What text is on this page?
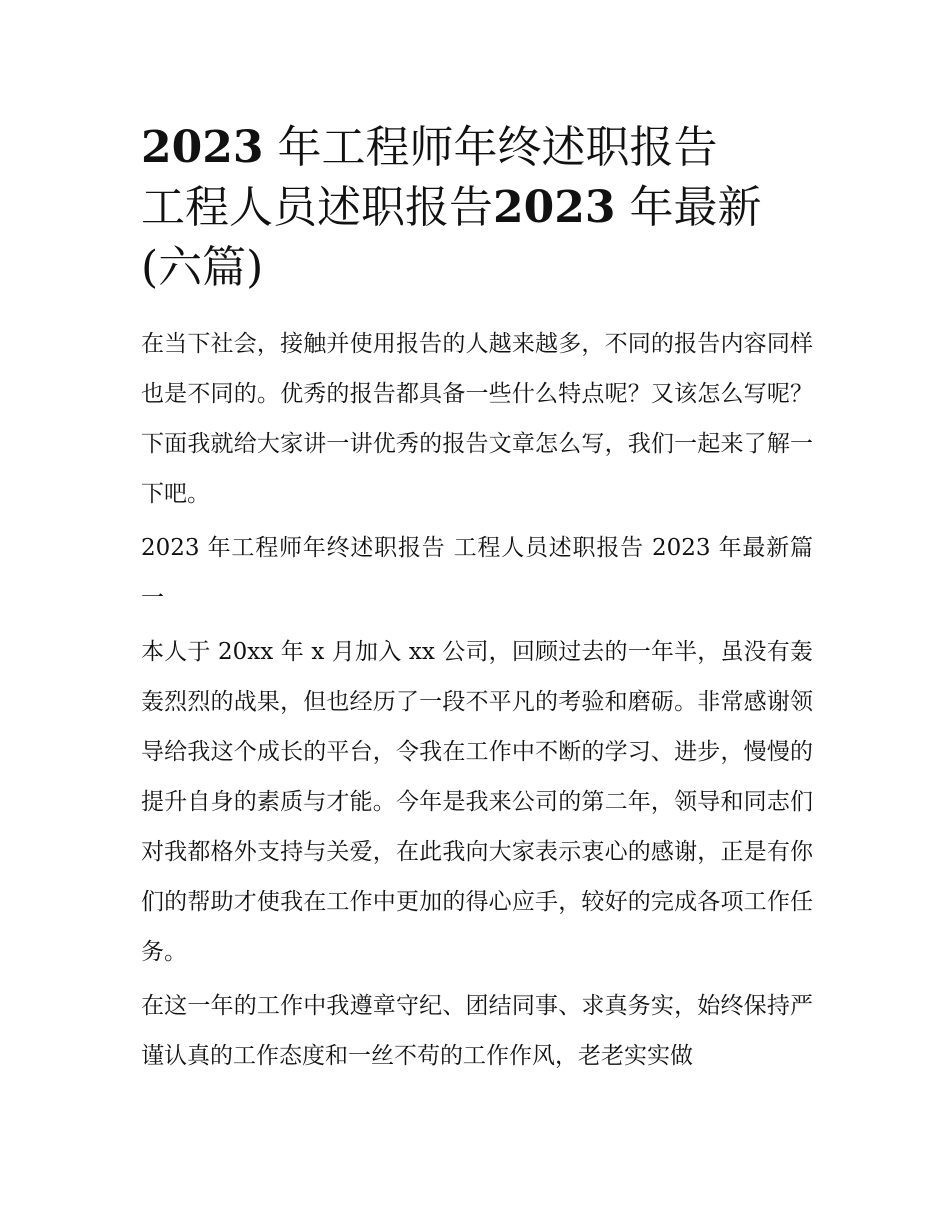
2023 年工程师年终述职报告
工程人员述职报告2023 年最新(六篇)

在当下社会，接触并使用报告的人越来越多，不同的报告内容同样也是不同的。优秀的报告都具备一些什么特点呢？又该怎么写呢？下面我就给大家讲一讲优秀的报告文章怎么写，我们一起来了解一下吧。

2023 年工程师年终述职报告 工程人员述职报告 2023 年最新篇一

本人于 20xx 年 x 月加入 xx 公司，回顾过去的一年半，虽没有轰轰烈烈的战果，但也经历了一段不平凡的考验和磨砺。非常感谢领导给我这个成长的平台，令我在工作中不断的学习、进步，慢慢的提升自身的素质与才能。今年是我来公司的第二年，领导和同志们对我都格外支持与关爱，在此我向大家表示衷心的感谢，正是有你们的帮助才使我在工作中更加的得心应手，较好的完成各项工作任务。

在这一年的工作中我遵章守纪、团结同事、求真务实，始终保持严谨认真的工作态度和一丝不苟的工作作风，老老实实做
